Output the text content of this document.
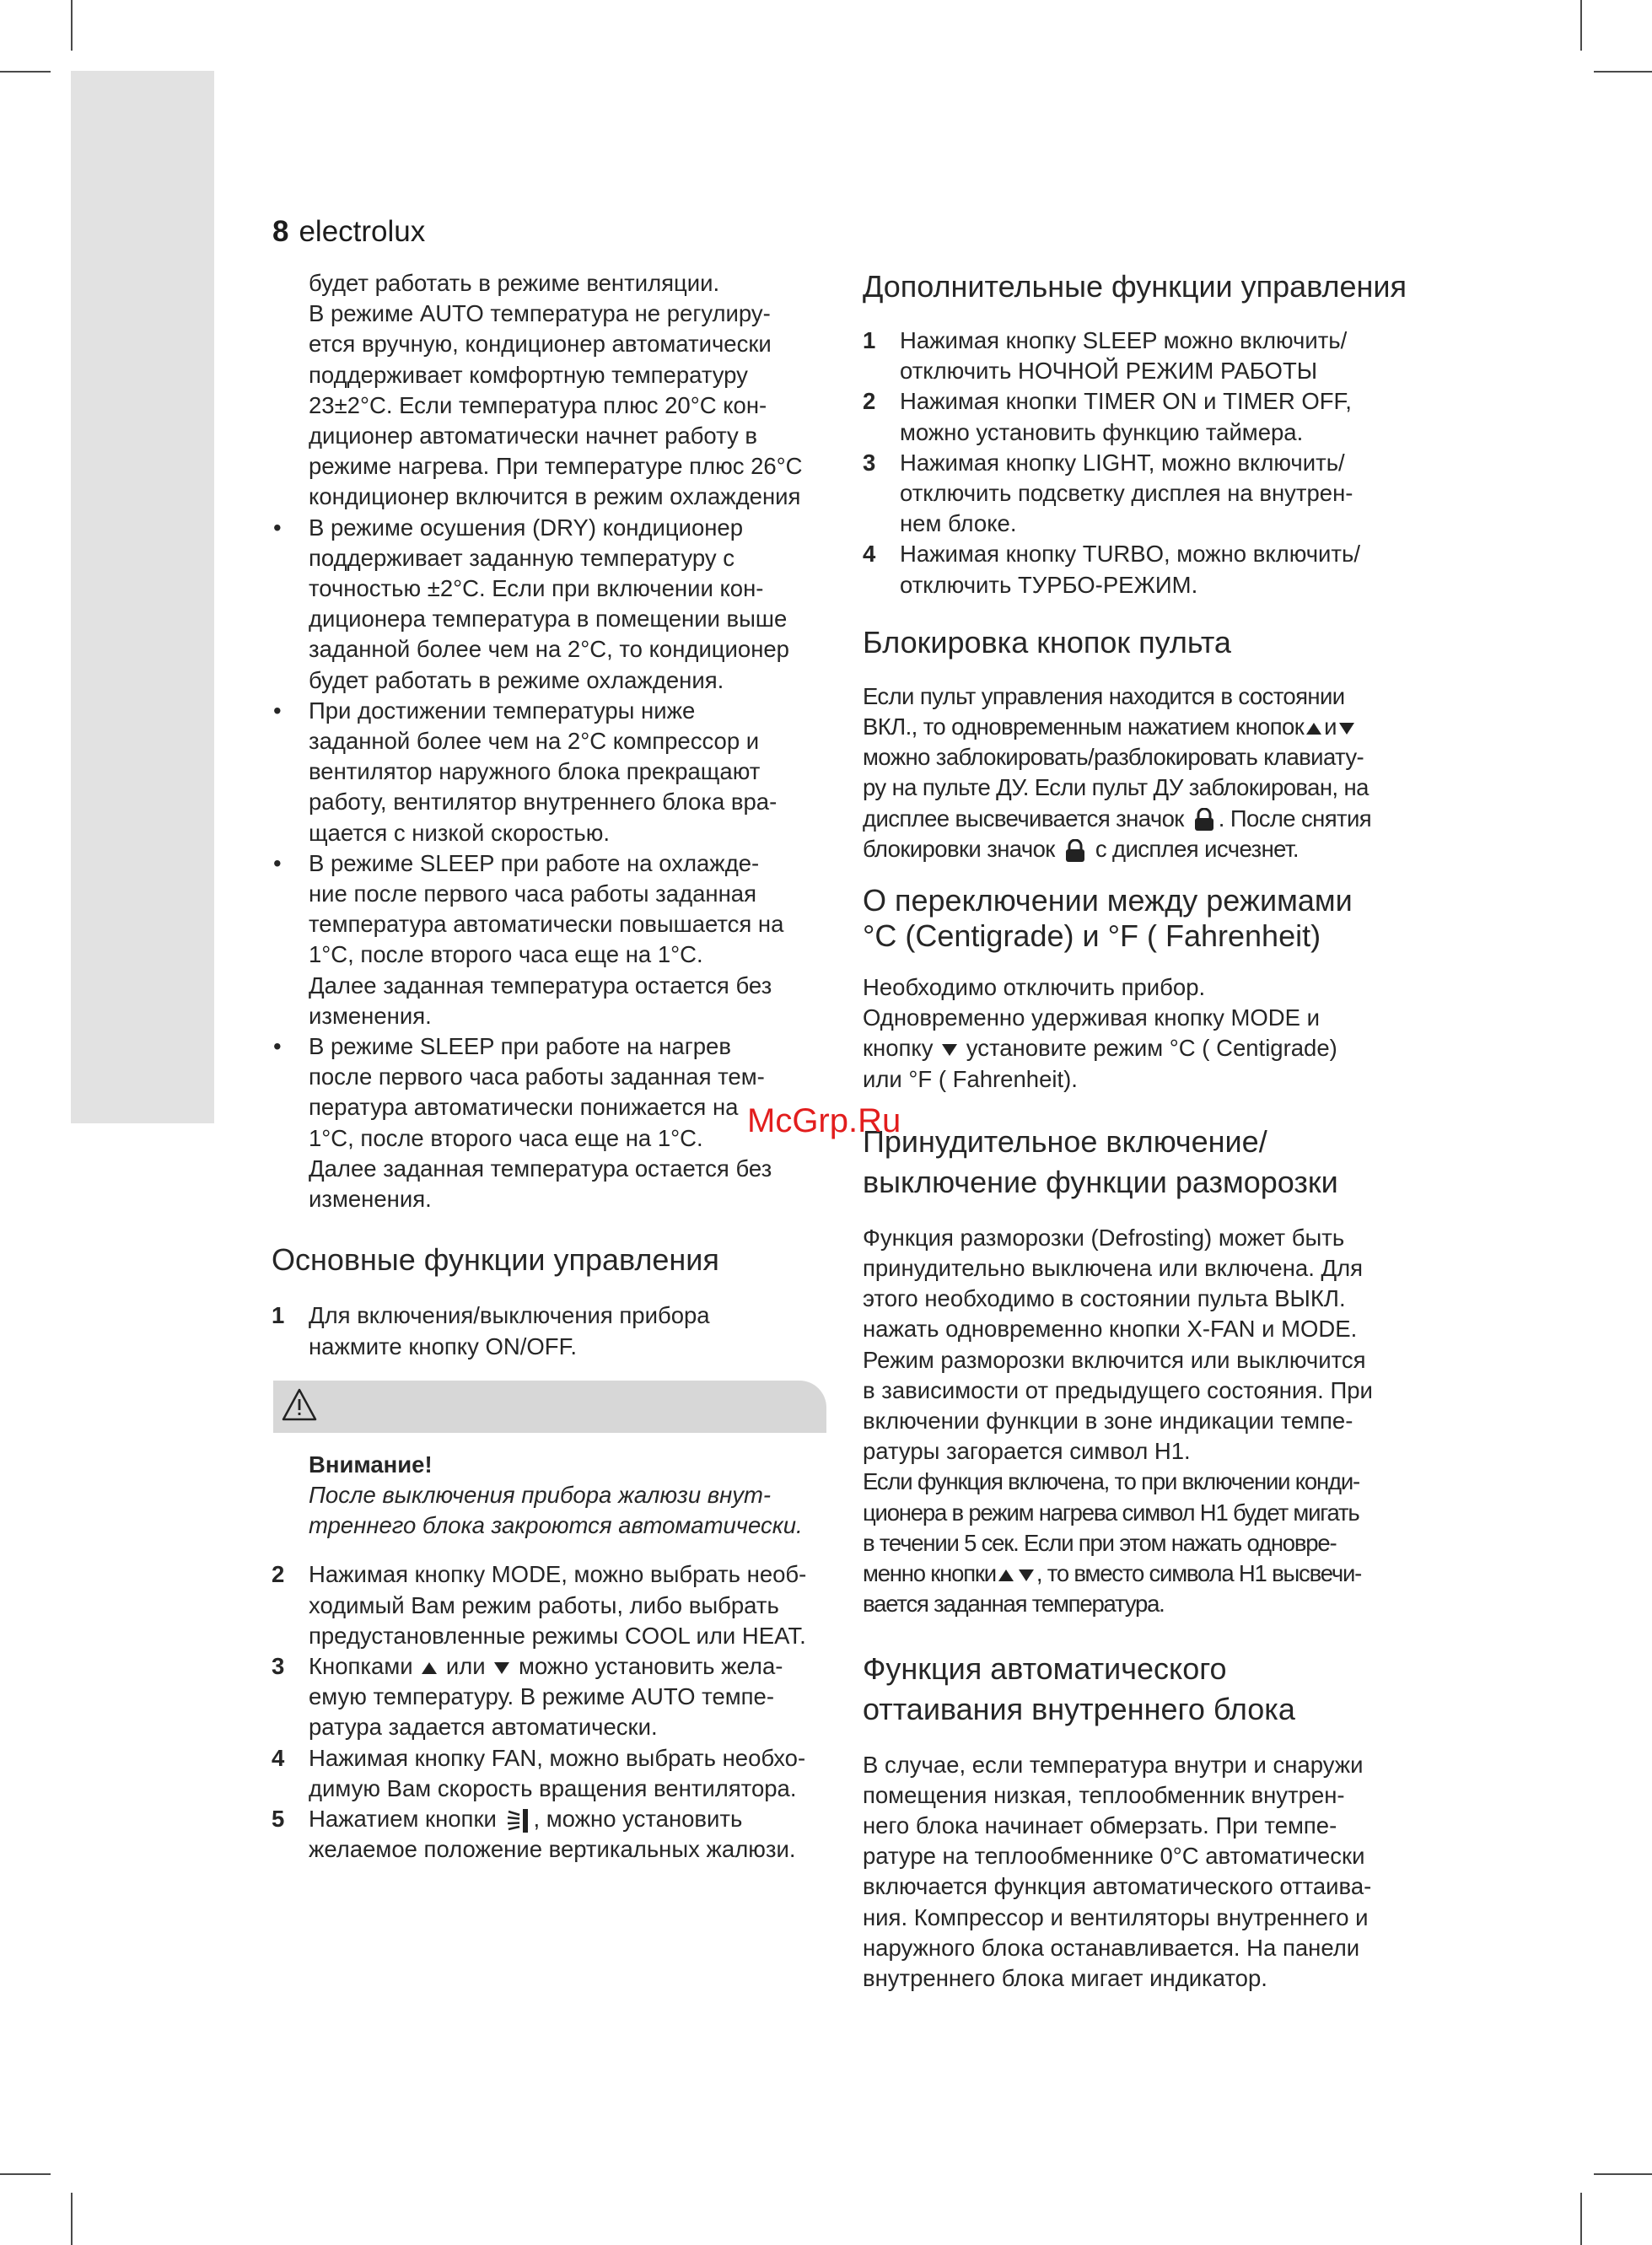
8 electrolux

будет работать в режиме вентиляции.

В режиме AUTO температура не регулиру-

ется вручную, кондиционер автоматически

поддерживает комфортную температуру

23±2°С. Если температура плюс 20°С кон-

диционер автоматически начнет работу в

режиме нагрева. При температуре плюс 26°С

кондиционер включится в режим охлаждения

• В режиме осушения (DRY) кондиционер

поддерживает заданную температуру с

точностью ±2°С. Если при включении кон-

диционера температура в помещении выше

заданной более чем на 2°С, то кондиционер

будет работать в режиме охлаждения.

• При достижении температуры ниже

заданной более чем на 2°С компрессор и

вентилятор наружного блока прекращают

работу, вентилятор внутреннего блока вра-

щается с низкой скоростью.

• В режиме SLEEP при работе на охлажде-

ние после первого часа работы заданная

температура автоматически повышается на

1°С, после второго часа еще на 1°С.

Далее заданная температура остается без

изменения.

• В режиме SLEEP при работе на нагрев

после первого часа работы заданная тем-

пература автоматически понижается на

1°С, после второго часа еще на 1°С.

Далее заданная температура остается без

изменения.

Основные функции управления
1 Для включения/выключения прибора

нажмите кнопку ON/OFF.

Внимание!

После выключения прибора жалюзи внут-

треннего блока закроются автоматически.

2 Нажимая кнопку MODE, можно выбрать необ-

ходимый Вам режим работы, либо выбрать

предустановленные режимы COOL или HEAT.

3 Кнопками или можно установить жела-

емую температуру. В режиме AUTO темпе-

ратура задается автоматически.

4 Нажимая кнопку FAN, можно выбрать необхо-

димую Вам скорость вращения вентилятора.

5 Нажатием кнопки , можно установить

желаемое положение вертикальных жалюзи.

Дополнительные функции управления
1 Нажимая кнопку SLEEP можно включить/

отключить НОЧНОЙ РЕЖИМ РАБОТЫ

2 Нажимая кнопки TIMER ON и TIMER OFF,

можно установить функцию таймера.

3 Нажимая кнопку LIGHT, можно включить/

отключить подсветку дисплея на внутрен-

нем блоке.

4 Нажимая кнопку TURBO, можно включить/

отключить ТУРБО-РЕЖИМ.

Блокировка кнопок пульта

Если пульт управления находится в состоянии

ВКЛ., то одновременным нажатием кнопок и

можно заблокировать/разблокировать клавиату-

ру на пульте ДУ. Если пульт ДУ заблокирован, на

дисплее высвечивается значок . После снятия

блокировки значок с дисплея исчезнет.

О переключении между режимами
°С (Centigrade) и °F ( Fahrenheit)

Необходимо отключить прибор.

Одновременно удерживая кнопку MODE и

кнопку установите режим °С ( Centigrade)

или °F ( Fahrenheit).

Принудительное включение/
выключение функции разморозки

Функция разморозки (Defrosting) может быть

принудительно выключена или включена. Для

этого необходимо в состоянии пульта ВЫКЛ.

нажать одновременно кнопки X-FAN и MODE.

Режим разморозки включится или выключится

в зависимости от предыдущего состояния. При

включении функции в зоне индикации темпе-

ратуры загорается символ Н1.

Если функция включена, то при включении конди-

ционера в режим нагрева символ Н1 будет мигать

в течении 5 сек. Если при этом нажать одновре-

менно кнопки , то вместо символа Н1 высвечи-

вается заданная температура.

Функция автоматического
оттаивания внутреннего блока

В случае, если температура внутри и снаружи

помещения низкая, теплообменник внутрен-

него блока начинает обмерзать. При темпе-

ратуре на теплообменнике 0°С автоматически

включается функция автоматического оттаива-

ния. Компрессор и вентиляторы внутреннего и

наружного блока останавливается. На панели

внутреннего блока мигает индикатор.

McGrp.Ru
